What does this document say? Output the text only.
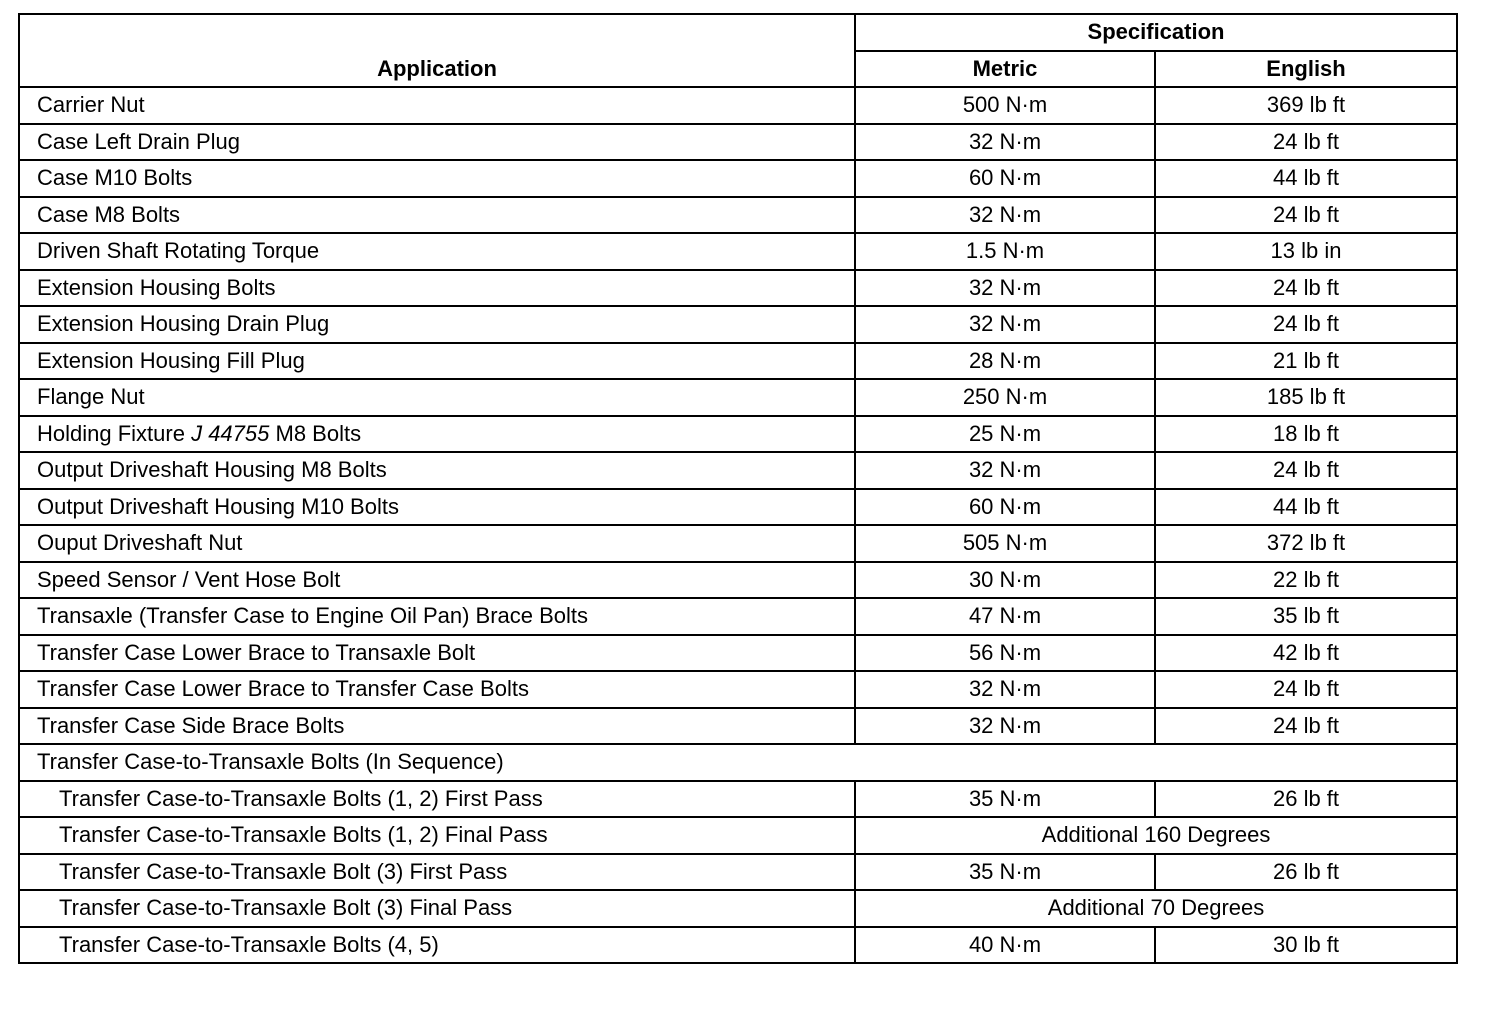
Application	Specification	
	Metric	English
Carrier Nut	500 N·m	369 lb ft
Case Left Drain Plug	32 N·m	24 lb ft
Case M10 Bolts	60 N·m	44 lb ft
Case M8 Bolts	32 N·m	24 lb ft
Driven Shaft Rotating Torque	1.5 N·m	13 lb in
Extension Housing Bolts	32 N·m	24 lb ft
Extension Housing Drain Plug	32 N·m	24 lb ft
Extension Housing Fill Plug	28 N·m	21 lb ft
Flange Nut	250 N·m	185 lb ft
Holding Fixture J 44755 M8 Bolts	25 N·m	18 lb ft
Output Driveshaft Housing M8 Bolts	32 N·m	24 lb ft
Output Driveshaft Housing M10 Bolts	60 N·m	44 lb ft
Ouput Driveshaft Nut	505 N·m	372 lb ft
Speed Sensor / Vent Hose Bolt	30 N·m	22 lb ft
Transaxle (Transfer Case to Engine Oil Pan) Brace Bolts	47 N·m	35 lb ft
Transfer Case Lower Brace to Transaxle Bolt	56 N·m	42 lb ft
Transfer Case Lower Brace to Transfer Case Bolts	32 N·m	24 lb ft
Transfer Case Side Brace Bolts	32 N·m	24 lb ft
Transfer Case-to-Transaxle Bolts (In Sequence)		
Transfer Case-to-Transaxle Bolts (1, 2) First Pass	35 N·m	26 lb ft
Transfer Case-to-Transaxle Bolts (1, 2) Final Pass	Additional 160 Degrees	
Transfer Case-to-Transaxle Bolt (3) First Pass	35 N·m	26 lb ft
Transfer Case-to-Transaxle Bolt (3) Final Pass	Additional 70 Degrees	
Transfer Case-to-Transaxle Bolts (4, 5)	40 N·m	30 lb ft
